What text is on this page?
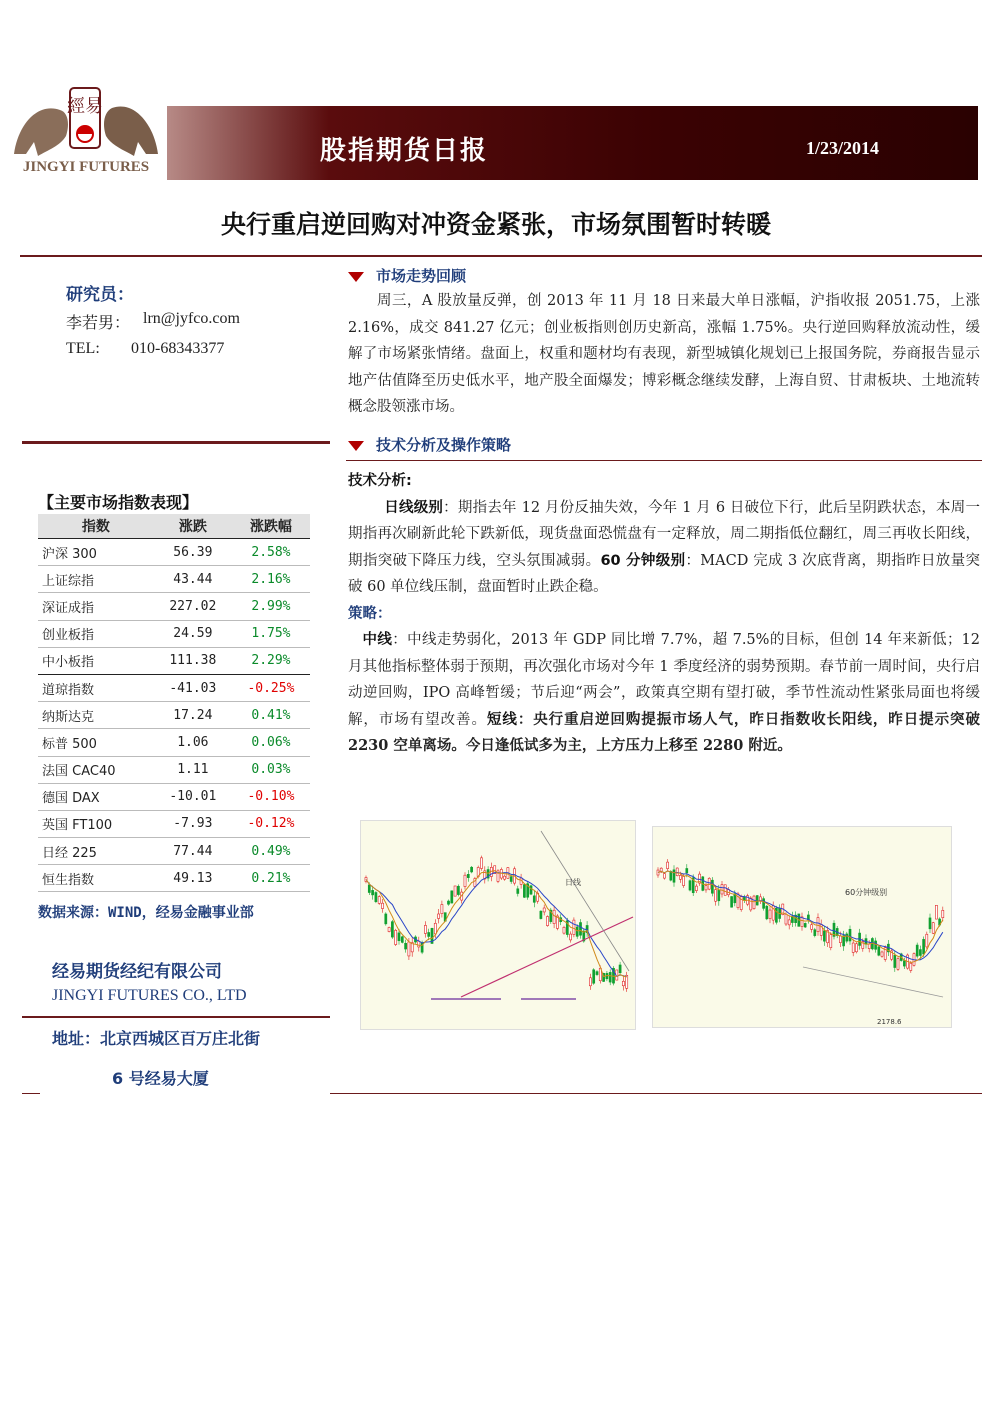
經易
JINGYI FUTURES
股指期货日报	1/23/2014
央行重启逆回购对冲资金紧张，市场氛围暂时转暖
研究员：
李若男： lrn@jyfco.com
TEL: 010-68343377
【主要市场指数表现】
指数	涨跌	涨跌幅
沪深 300	56.39	2.58%
上证综指	43.44	2.16%
深证成指	227.02	2.99%
创业板指	24.59	1.75%
中小板指	111.38	2.29%
道琼指数	-41.03	-0.25%
纳斯达克	17.24	0.41%
标普 500	1.06	0.06%
法国 CAC40	1.11	0.03%
德国 DAX	-10.01	-0.10%
英国 FT100	-7.93	-0.12%
日经 225	77.44	0.49%
恒生指数	49.13	0.21%
数据来源：WIND，经易金融事业部
经易期货经纪有限公司
JINGYI FUTURES CO., LTD
地址：北京西城区百万庄北街
6 号经易大厦
市场走势回顾
周三，A 股放量反弹，创 2013 年 11 月 18 日来最大单日涨幅，沪指收报 2051.75，上涨 2.16%，成交 841.27 亿元；创业板指则创历史新高，涨幅 1.75%。央行逆回购释放流动性，缓解了市场紧张情绪。盘面上，权重和题材均有表现，新型城镇化规划已上报国务院，券商报告显示地产估值降至历史低水平，地产股全面爆发；博彩概念继续发酵，上海自贸、甘肃板块、土地流转概念股领涨市场。
技术分析及操作策略
技术分析:
日线级别：期指去年 12 月份反抽失效，今年 1 月 6 日破位下行，此后呈阴跌状态，本周一期指再次刷新此轮下跌新低，现货盘面恐慌盘有一定释放，周二期指低位翻红，周三再收长阳线，期指突破下降压力线，空头氛围减弱。60 分钟级别：MACD 完成 3 次底背离，期指昨日放量突破 60 单位线压制，盘面暂时止跌企稳。
策略：
中线：中线走势弱化，2013 年 GDP 同比增 7.7%，超 7.5%的目标，但创 14 年来新低；12 月其他指标整体弱于预期，再次强化市场对今年 1 季度经济的弱势预期。春节前一周时间，央行启动逆回购，IPO 高峰暂缓；节后迎“两会”，政策真空期有望打破，季节性流动性紧张局面也将缓解，市场有望改善。短线：央行重启逆回购提振市场人气，昨日指数收长阳线，昨日提示突破 2230 空单离场。今日逢低试多为主，上方压力上移至 2280 附近。
日线
60分钟级别
2178.6
